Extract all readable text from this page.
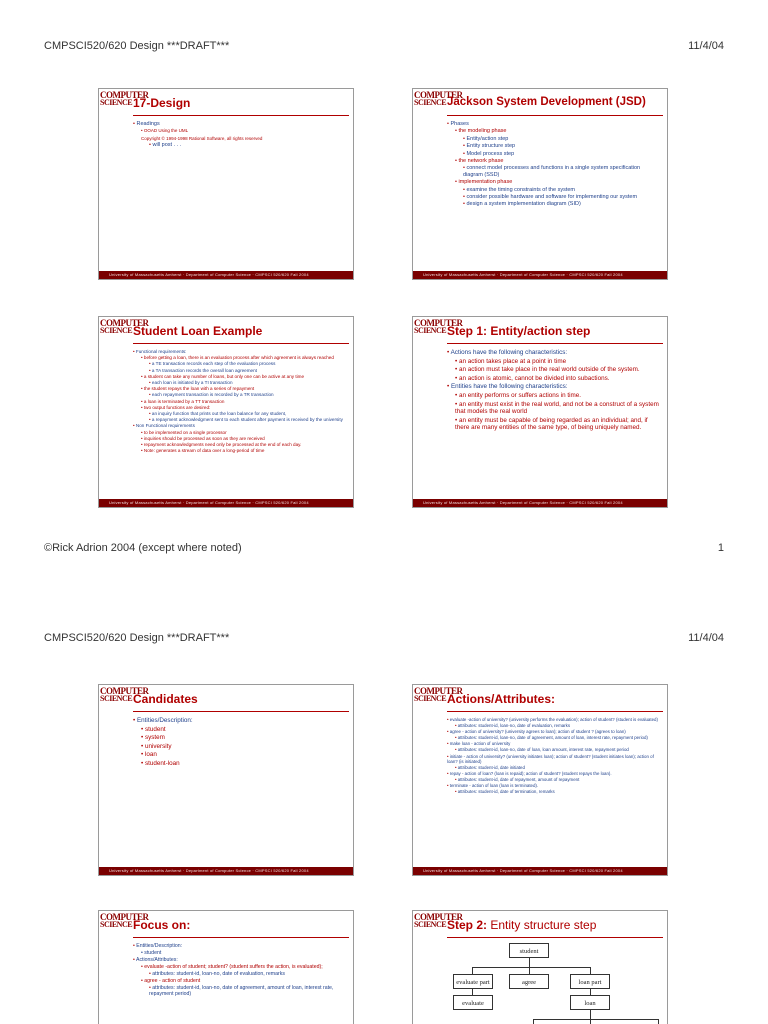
CMPSCI520/620 Design ***DRAFT***	11/4/04
COMPUTER
SCIENCE 17-Design
• Readings
• OOAD Using the UML
Copyright © 1994-1998 Rational Software, all rights reserved
• will post . . .
University of Massachusetts Amherst · Department of Computer Science · CMPSCI 520/620 Fall 2004
COMPUTER
SCIENCE Jackson System Development (JSD)
• Phases
• the modeling phase
• Entity/action step
• Entity structure step
• Model process step
• the network phase
• connect model processes and functions in a single system specification diagram (SSD)
• implementation phase
• examine the timing constraints of the system
• consider possible hardware and software for implementing our system
• design a system implementation diagram (SID)
University of Massachusetts Amherst · Department of Computer Science · CMPSCI 520/620 Fall 2004
COMPUTER
SCIENCE Student Loan Example
• Functional requirements:
• before getting a loan, there is an evaluation process after which agreement is always reached
• a TE transaction records each step of the evaluation process
• a TA transaction records the overall loan agreement
• a student can take any number of loans, but only one can be active at any time
• each loan is initiated by a TI transaction
• the student repays the loan with a series of repayment
• each repayment transaction is recorded by a TR transaction
• a loan is terminated by a TT transaction
• two output functions are desired:
• an inquiry function that prints out the loan balance for any student,
• a repayment acknowledgment sent to each student after payment is received by the university
• Non Functional requirements
• to be implemented on a single processor
• inquiries should be processed as soon as they are received
• repayment acknowledgments need only be processed at the end of each day.
• Note: generates a stream of data over a long-period of time
University of Massachusetts Amherst · Department of Computer Science · CMPSCI 520/620 Fall 2004
COMPUTER
SCIENCE Step 1: Entity/action step
• Actions have the following characteristics:
• an action takes place at a point in time
• an action must take place in the real world outside of the system.
• an action is atomic, cannot be divided into subactions.
• Entities have the following characteristics:
• an entity performs or suffers actions in time.
• an entity must exist in the real world, and not be a construct of a system that models the real world
• an entity must be capable of being regarded as an individual; and, if there are many entities of the same type, of being uniquely named.
University of Massachusetts Amherst · Department of Computer Science · CMPSCI 520/620 Fall 2004
©Rick Adrion 2004 (except where noted)	1
CMPSCI520/620 Design ***DRAFT***	11/4/04
COMPUTER
SCIENCE Candidates
• Entities/Description:
• student
• system
• university
• loan
• student-loan
University of Massachusetts Amherst · Department of Computer Science · CMPSCI 520/620 Fall 2004
COMPUTER
SCIENCE Actions/Attributes:
• evaluate -action of university? (university performs the evaluation); action of student? (student is evaluated)
• attributes: student-id, loan-no, date of evaluation, remarks
• agree - action of university? (university agrees to loan); action of student ? (agrees to loan)
• attributes: student-id, loan-no, date of agreement, amount of loan, interest rate, repayment period)
• make loan - action of university
• attributes: student-id, loan-no, date of loan, loan amount, interest rate, repayment period
• initiate - action of university? (university initiates loan); action of student? (student initiates loan); action of loan? (is initiated)
• attributes: student-id, date initiated
• repay - action of loan? (loan is repaid); action of student? (student repays the loan).
• attributes: student-id, date of repayment, amount of repayment
• terminate - action of loan (loan is terminated).
• attributes: student-id, date of termination, remarks
University of Massachusetts Amherst · Department of Computer Science · CMPSCI 520/620 Fall 2004
COMPUTER
SCIENCE Focus on:
• Entities/Description:
• student
• Actions/Attributes:
• evaluate -action of student; student? (student suffers the action, is evaluated);
• attributes: student-id, loan-no, date of evaluation, remarks
• agree - action of student
• attributes: student-id, loan-no, date of agreement, amount of loan, interest rate, repayment period)
COMPUTER
SCIENCE Step 2: Entity structure step
student
evaluate part	agree	loan part
evaluate	loan
